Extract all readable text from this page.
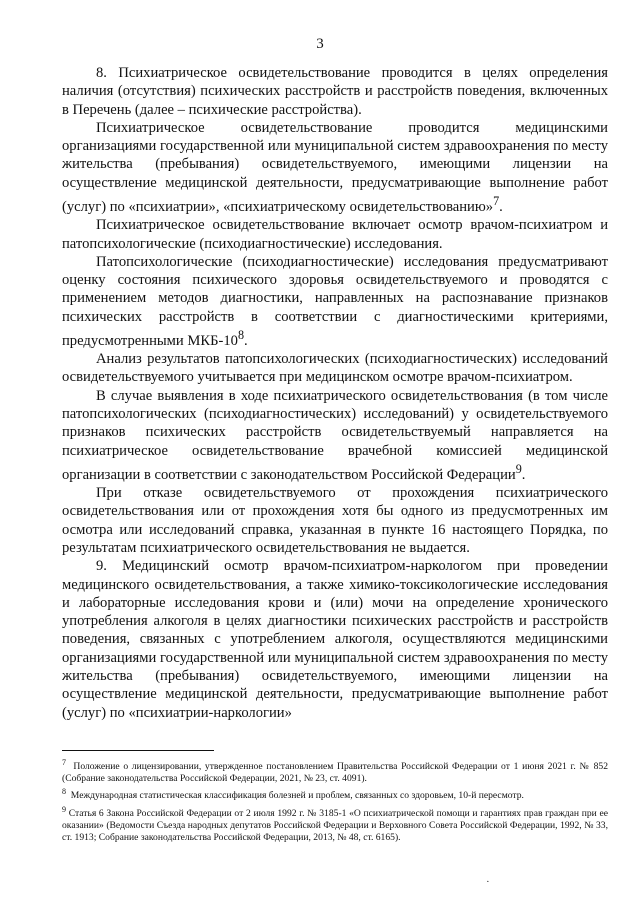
3

8. Психиатрическое освидетельствование проводится в целях определения наличия (отсутствия) психических расстройств и расстройств поведения, включенных в Перечень (далее – психические расстройства).

Психиатрическое освидетельствование проводится медицинскими организациями государственной или муниципальной систем здравоохранения по месту жительства (пребывания) освидетельствуемого, имеющими лицензии на осуществление медицинской деятельности, предусматривающие выполнение работ (услуг) по «психиатрии», «психиатрическому освидетельствованию»$^7$.

Психиатрическое освидетельствование включает осмотр врачом-психиатром и патопсихологические (психодиагностические) исследования.

Патопсихологические (психодиагностические) исследования предусматривают оценку состояния психического здоровья освидетельствуемого и проводятся с применением методов диагностики, направленных на распознавание признаков психических расстройств в соответствии с диагностическими критериями, предусмотренными МКБ-$10^8$.

Анализ результатов патопсихологических (психодиагностических) исследований освидетельствуемого учитывается при медицинском осмотре врачом-психиатром.

В случае выявления в ходе психиатрического освидетельствования (в том числе патопсихологических (психодиагностических) исследований) у освидетельствуемого признаков психических расстройств освидетельствуемый направляется на психиатрическое освидетельствование врачебной комиссией медицинской организации в соответствии с законодательством Российской Федерации$^9$.

При отказе освидетельствуемого от прохождения психиатрического освидетельствования или от прохождения хотя бы одного из предусмотренных им осмотра или исследований справка, указанная в пункте 16 настоящего Порядка, по результатам психиатрического освидетельствования не выдается.

9. Медицинский осмотр врачом-психиатром-наркологом при проведении медицинского освидетельствования, а также химико-токсикологические исследования и лабораторные исследования крови и (или) мочи на определение хронического употребления алкоголя в целях диагностики психических расстройств и расстройств поведения, связанных с употреблением алкоголя, осуществляются медицинскими организациями государственной или муниципальной систем здравоохранения по месту жительства (пребывания) освидетельствуемого, имеющими лицензии на осуществление медицинской деятельности, предусматривающие выполнение работ (услуг) по «психиатрии-наркологии»

$^7$ Положение о лицензировании, утвержденное постановлением Правительства Российской Федерации от 1 июня 2021 г. № 852 (Собрание законодательства Российской Федерации, 2021, № 23, ст. 4091).

$^8$ Международная статистическая классификация болезней и проблем, связанных со здоровьем, 10-й пересмотр.

$^9$ Статья 6 Закона Российской Федерации от 2 июля 1992 г. № 3185-1 «О психиатрической помощи и гарантиях прав граждан при ее оказании» (Ведомости Съезда народных депутатов Российской Федерации и Верховного Совета Российской Федерации, 1992, № 33, ст. 1913; Собрание законодательства Российской Федерации, 2013, № 48, ст. 6165).

·
